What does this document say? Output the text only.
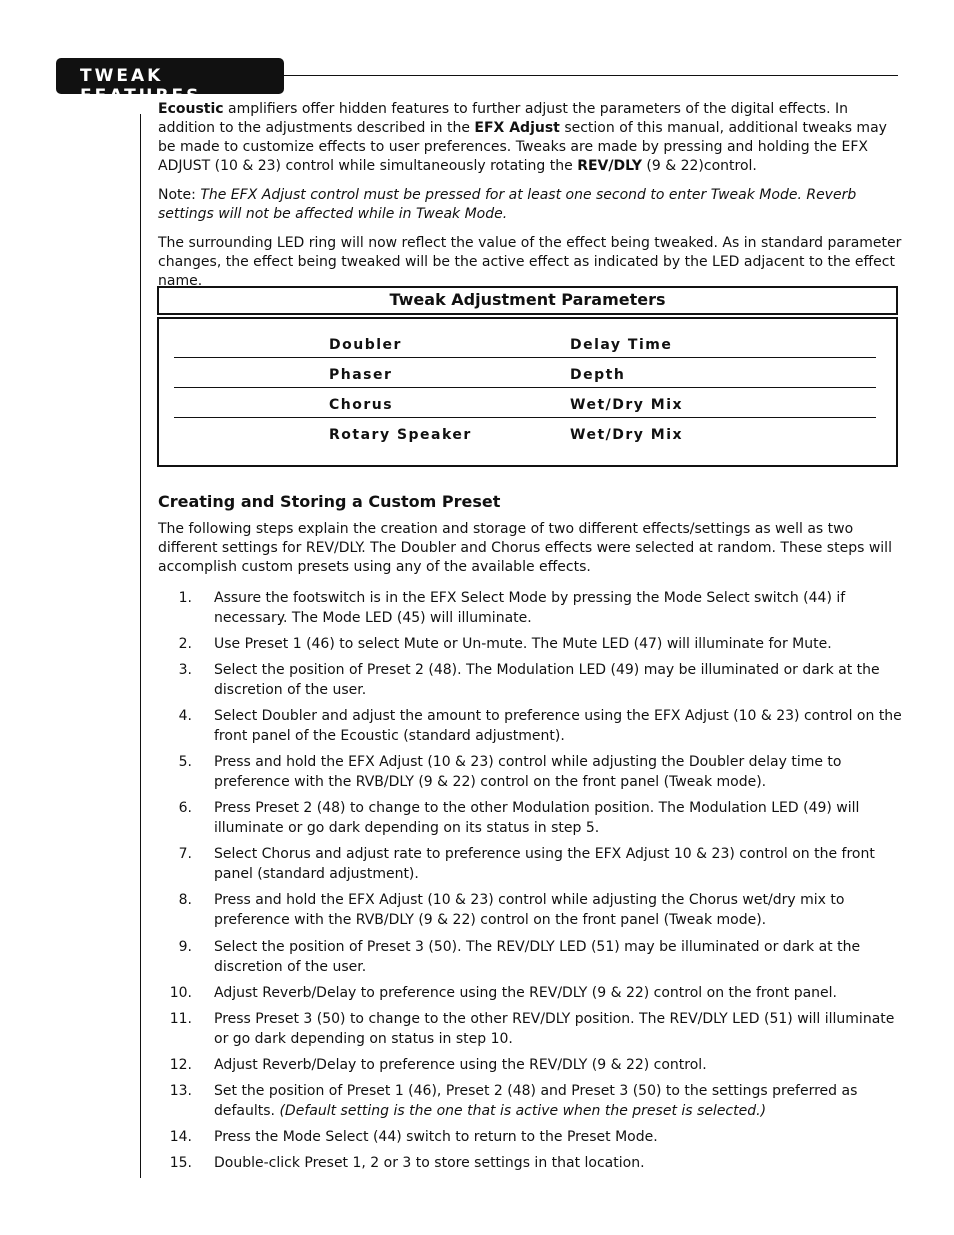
TWEAK FEATURES

Ecoustic amplifiers offer hidden features to further adjust the parameters of the digital effects. In addition to the adjustments described in the EFX Adjust section of this manual, additional tweaks may be made to customize effects to user preferences. Tweaks are made by pressing and holding the EFX ADJUST (10 & 23) control while simultaneously rotating the REV/DLY (9 & 22)control.

Note: The EFX Adjust control must be pressed for at least one second to enter Tweak Mode. Reverb settings will not be affected while in Tweak Mode.

The surrounding LED ring will now reflect the value of the effect being tweaked. As in standard parameter changes, the effect being tweaked will be the active effect as indicated by the LED adjacent to the effect name.

Tweak Adjustment Parameters
Doubler	Delay Time
Phaser	Depth
Chorus	Wet/Dry Mix
Rotary Speaker	Wet/Dry Mix
Creating and Storing a Custom Preset

The following steps explain the creation and storage of two different effects/settings as well as two different settings for REV/DLY. The Doubler and Chorus effects were selected at random. These steps will accomplish custom presets using any of the available effects.

1. Assure the footswitch is in the EFX Select Mode by pressing the Mode Select switch (44) if necessary. The Mode LED (45) will illuminate.
2. Use Preset 1 (46) to select Mute or Un-mute. The Mute LED (47) will illuminate for Mute.
3. Select the position of Preset 2 (48). The Modulation LED (49) may be illuminated or dark at the discretion of the user.
4. Select Doubler and adjust the amount to preference using the EFX Adjust (10 & 23) control on the front panel of the Ecoustic (standard adjustment).
5. Press and hold the EFX Adjust (10 & 23) control while adjusting the Doubler delay time to preference with the RVB/DLY (9 & 22) control on the front panel (Tweak mode).
6. Press Preset 2 (48) to change to the other Modulation position. The Modulation LED (49) will illuminate or go dark depending on its status in step 5.
7. Select Chorus and adjust rate to preference using the EFX Adjust 10 & 23) control on the front panel (standard adjustment).
8. Press and hold the EFX Adjust (10 & 23) control while adjusting the Chorus wet/dry mix to preference with the RVB/DLY (9 & 22) control on the front panel (Tweak mode).
9. Select the position of Preset 3 (50). The REV/DLY LED (51) may be illuminated or dark at the discretion of the user.
10. Adjust Reverb/Delay to preference using the REV/DLY (9 & 22) control on the front panel.
11. Press Preset 3 (50) to change to the other REV/DLY position. The REV/DLY LED (51) will illuminate or go dark depending on status in step 10.
12. Adjust Reverb/Delay to preference using the REV/DLY (9 & 22) control.
13. Set the position of Preset 1 (46), Preset 2 (48) and Preset 3 (50) to the settings preferred as defaults. (Default setting is the one that is active when the preset is selected.)
14. Press the Mode Select (44) switch to return to the Preset Mode.
15. Double-click Preset 1, 2 or 3 to store settings in that location.
